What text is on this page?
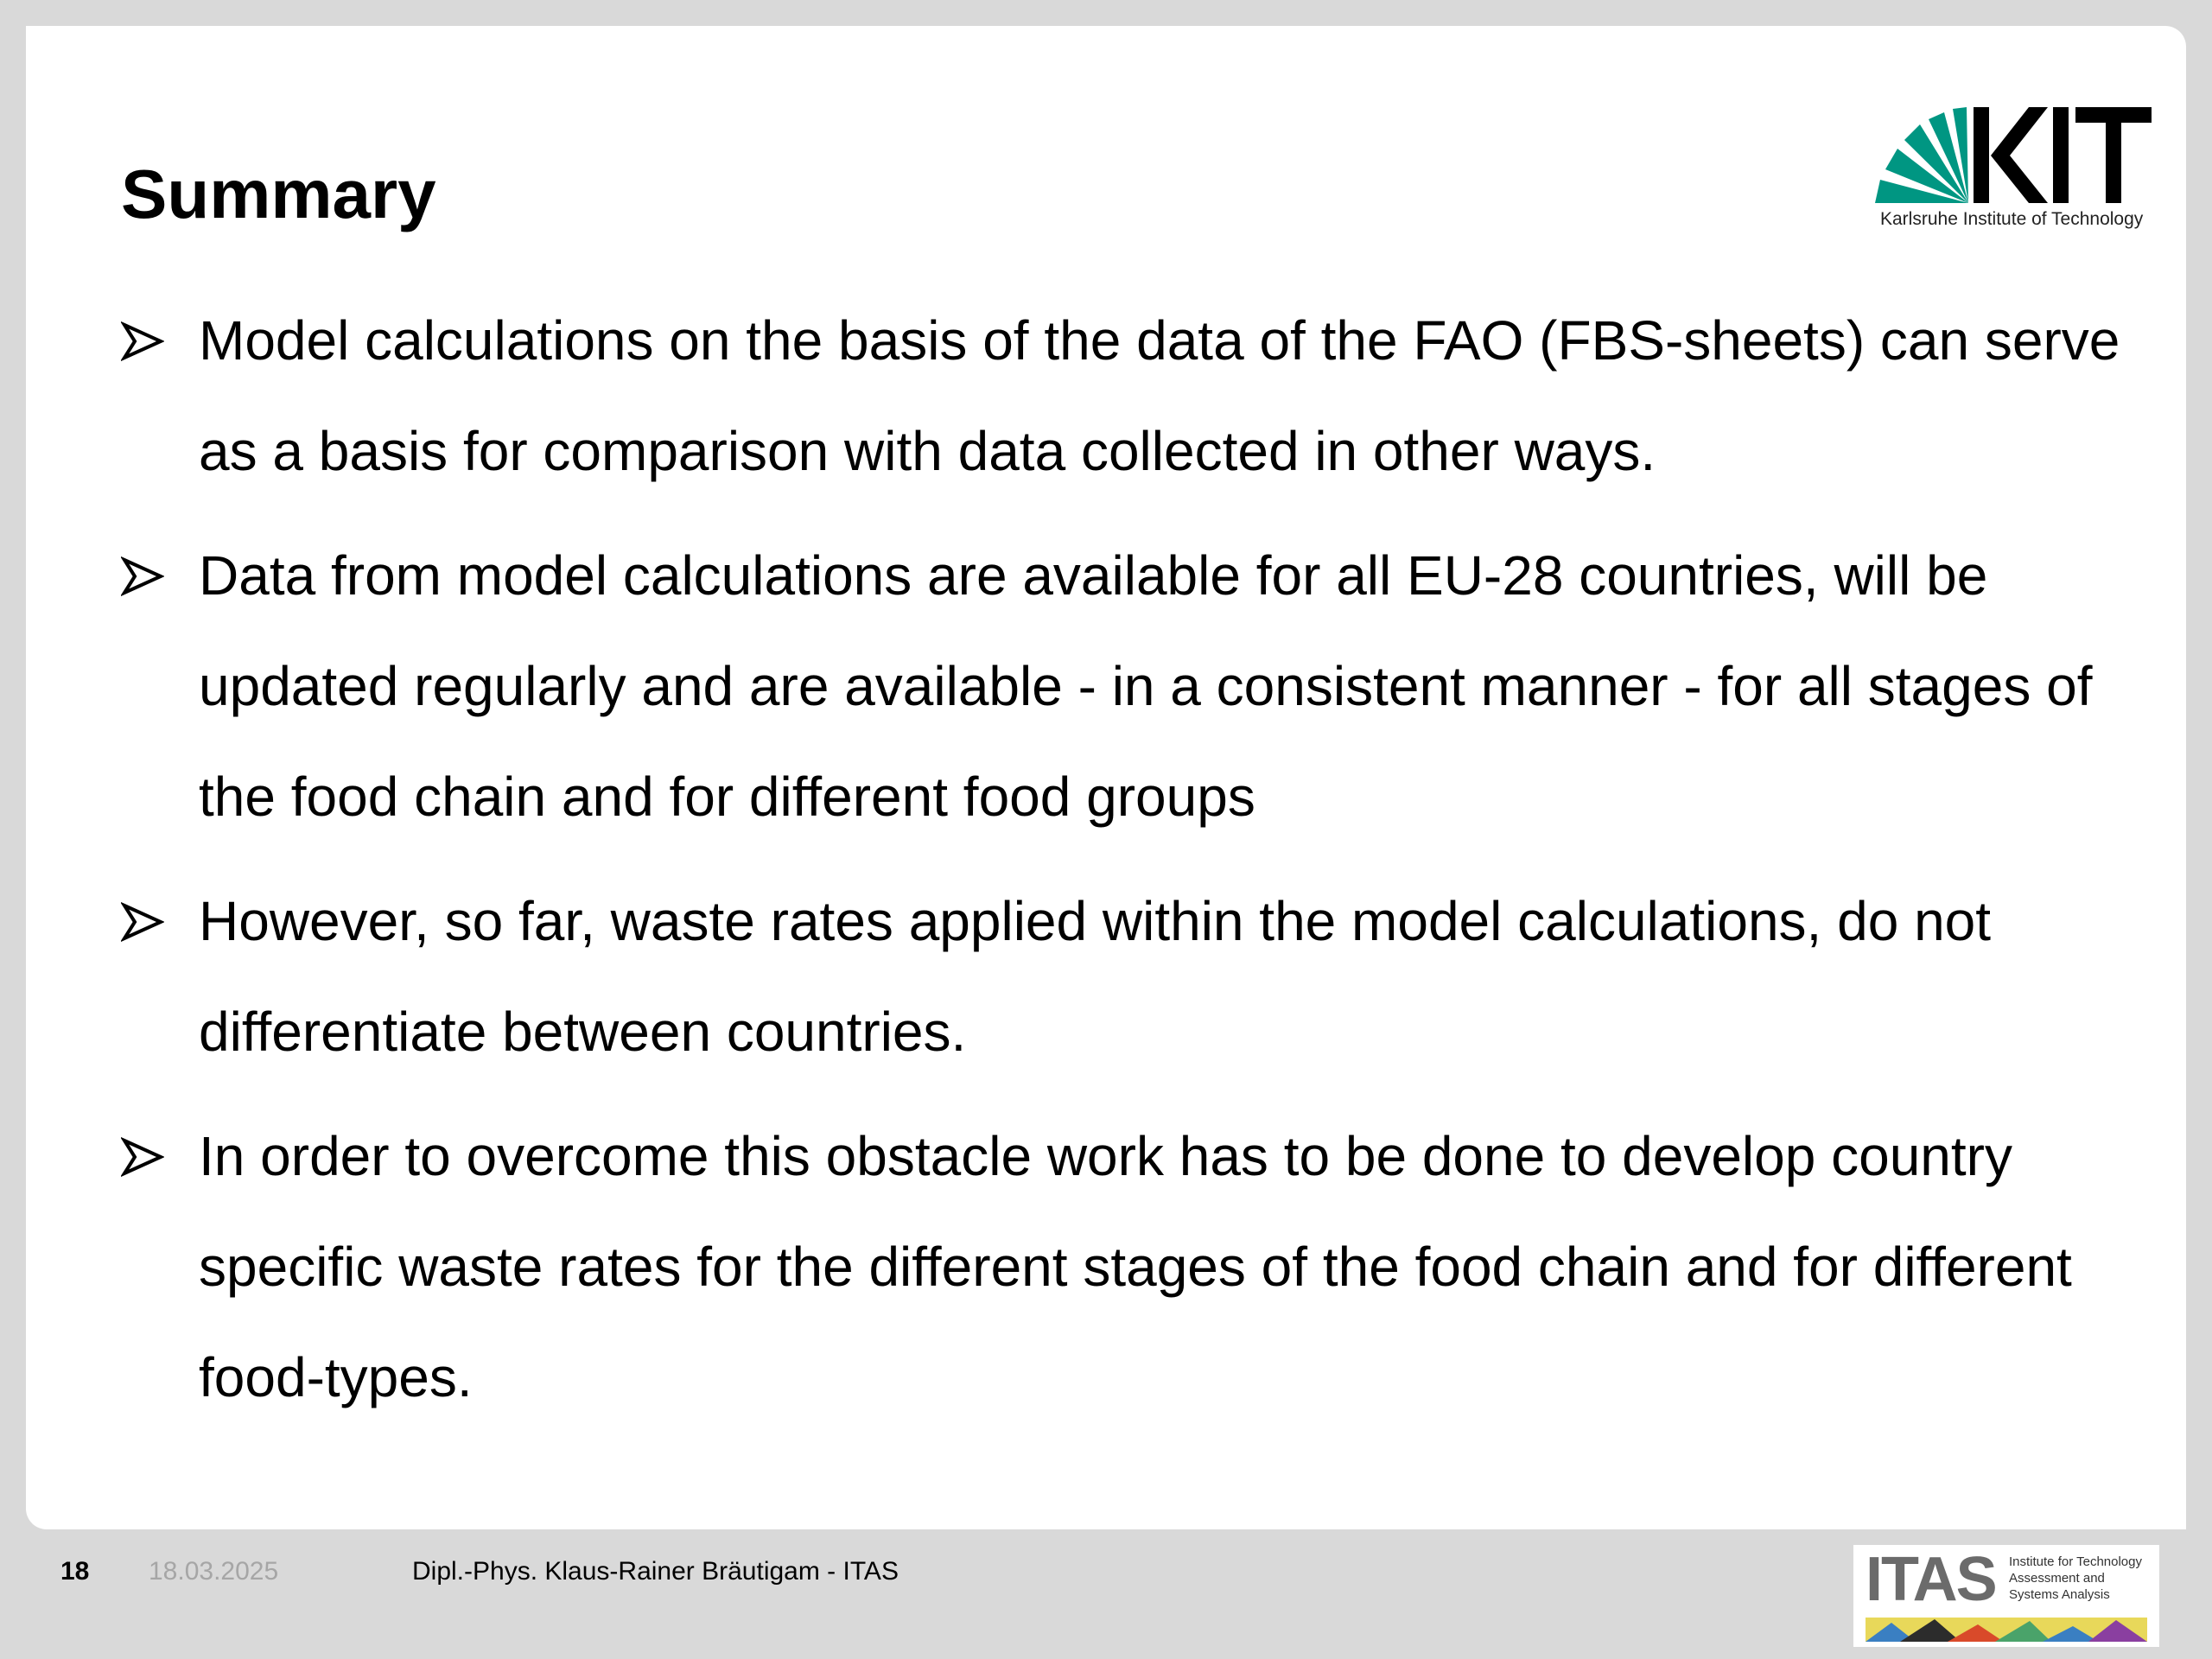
Summary	Karlsruhe Institute of Technology
Model calculations on the basis of the data of the FAO (FBS-sheets) can serve as a basis for comparison with data collected in other ways.
Data from model calculations are available for all EU-28 countries, will be updated regularly and are available - in a consistent manner - for all stages of the food chain and for different food groups
However, so far, waste rates applied within the model calculations, do not differentiate between countries.
In order to overcome this obstacle work has to be done to develop country specific waste rates for the different stages of the food chain and for different food-types.
18 18.03.2025	Dipl.-Phys. Klaus-Rainer Bräutigam - ITAS	ITAS Institute for Technology Assessment and Systems Analysis
